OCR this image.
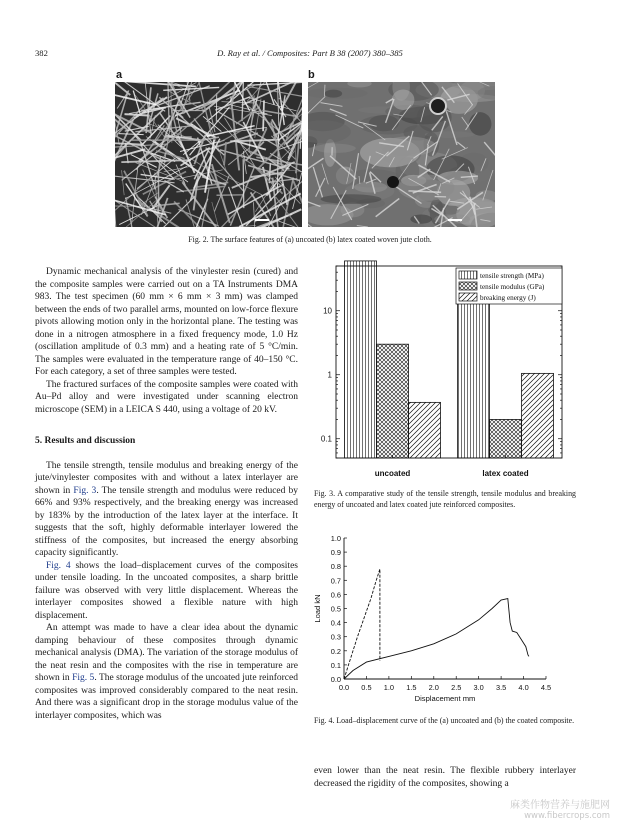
382	D. Ray et al. / Composites: Part B 38 (2007) 380–385
a	b
Fig. 2. The surface features of (a) uncoated (b) latex coated woven jute cloth.

Dynamic mechanical analysis of the vinylester resin (cured) and the composite samples were carried out on a TA Instruments DMA 983. The test specimen (60 mm × 6 mm × 3 mm) was clamped between the ends of two parallel arms, mounted on low-force flexure pivots allowing motion only in the horizontal plane. The testing was done in a nitrogen atmosphere in a fixed frequency mode, 1.0 Hz (oscillation amplitude of 0.3 mm) and a heating rate of 5 °C/min. The samples were evaluated in the temperature range of 40–150 °C. For each category, a set of three samples were tested.

The fractured surfaces of the composite samples were coated with Au–Pd alloy and were investigated under scanning electron microscope (SEM) in a LEICA S 440, using a voltage of 20 kV.

5. Results and discussion

The tensile strength, tensile modulus and breaking energy of the jute/vinylester composites with and without a latex interlayer are shown in Fig. 3. The tensile strength and modulus were reduced by 66% and 93% respectively, and the breaking energy was increased by 183% by the introduction of the latex layer at the interface. It suggests that the soft, highly deformable interlayer lowered the stiffness of the composites, but increased the energy absorbing capacity significantly.

Fig. 4 shows the load–displacement curves of the composites under tensile loading. In the uncoated composites, a sharp brittle failure was observed with very little displacement. Whereas the interlayer composites showed a flexible nature with high displacement.

An attempt was made to have a clear idea about the dynamic damping behaviour of these composites through dynamic mechanical analysis (DMA). The variation of the storage modulus of the neat resin and the composites with the rise in temperature are shown in Fig. 5. The storage modulus of the uncoated jute reinforced composites was improved considerably compared to the neat resin. And there was a significant drop in the storage modulus value of the interlayer composites, which was

0.1
1
10
uncoated	latex coated
tensile strength (MPa)
tensile modulus (GPa)
breaking energy (J)
Fig. 3. A comparative study of the tensile strength, tensile modulus and breaking energy of uncoated and latex coated jute reinforced composites.
0.0
0.1
0.2
0.3
0.4
0.5
0.6
0.7
0.8
0.9
1.0
0.0 0.5 1.0 1.5 2.0 2.5 3.0 3.5 4.0 4.5
Displacement mm
Load kN
Fig. 4. Load–displacement curve of the (a) uncoated and (b) the coated composite.
even lower than the neat resin. The flexible rubbery interlayer decreased the rigidity of the composites, showing a
麻类作物营养与施肥网
www.fibercrops.com
